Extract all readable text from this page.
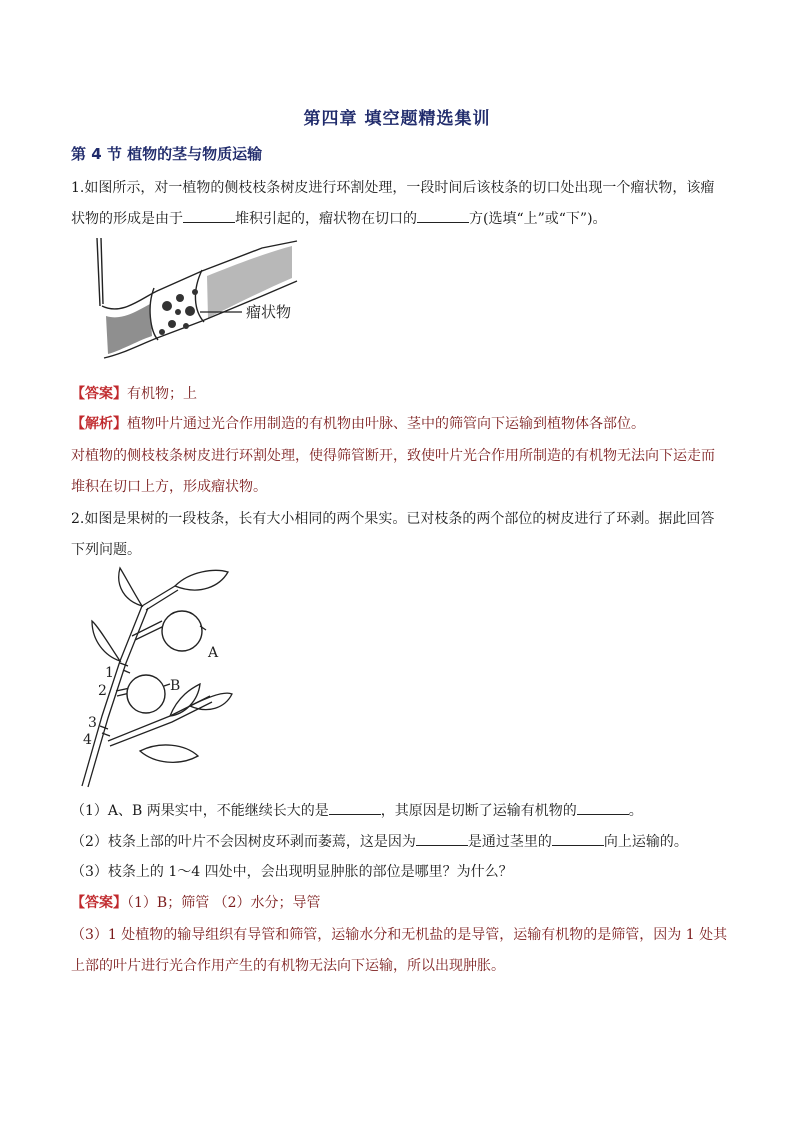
第四章 填空题精选集训
第 4 节 植物的茎与物质运输
1.如图所示，对一植物的侧枝枝条树皮进行环割处理，一段时间后该枝条的切口处出现一个瘤状物，该瘤
状物的形成是由于	堆积引起的，瘤状物在切口的	方(选填“上”或“下”)。
瘤状物
【答案】有机物；上
【解析】植物叶片通过光合作用制造的有机物由叶脉、茎中的筛管向下运输到植物体各部位。
对植物的侧枝枝条树皮进行环割处理，使得筛管断开，致使叶片光合作用所制造的有机物无法向下运走而
堆积在切口上方，形成瘤状物。
2.如图是果树的一段枝条，长有大小相同的两个果实。已对枝条的两个部位的树皮进行了环剥。据此回答
下列问题。
A
B
1
2
3
4
（1）A、B 两果实中，不能继续长大的是	，其原因是切断了运输有机物的	。
（2）枝条上部的叶片不会因树皮环剥而萎蔫，这是因为	是通过茎里的	向上运输的。
（3）枝条上的 1～4 四处中，会出现明显肿胀的部位是哪里？为什么？
【答案】（1）B；筛管 （2）水分；导管
（3）1 处植物的输导组织有导管和筛管，运输水分和无机盐的是导管，运输有机物的是筛管，因为 1 处其
上部的叶片进行光合作用产生的有机物无法向下运输，所以出现肿胀。
